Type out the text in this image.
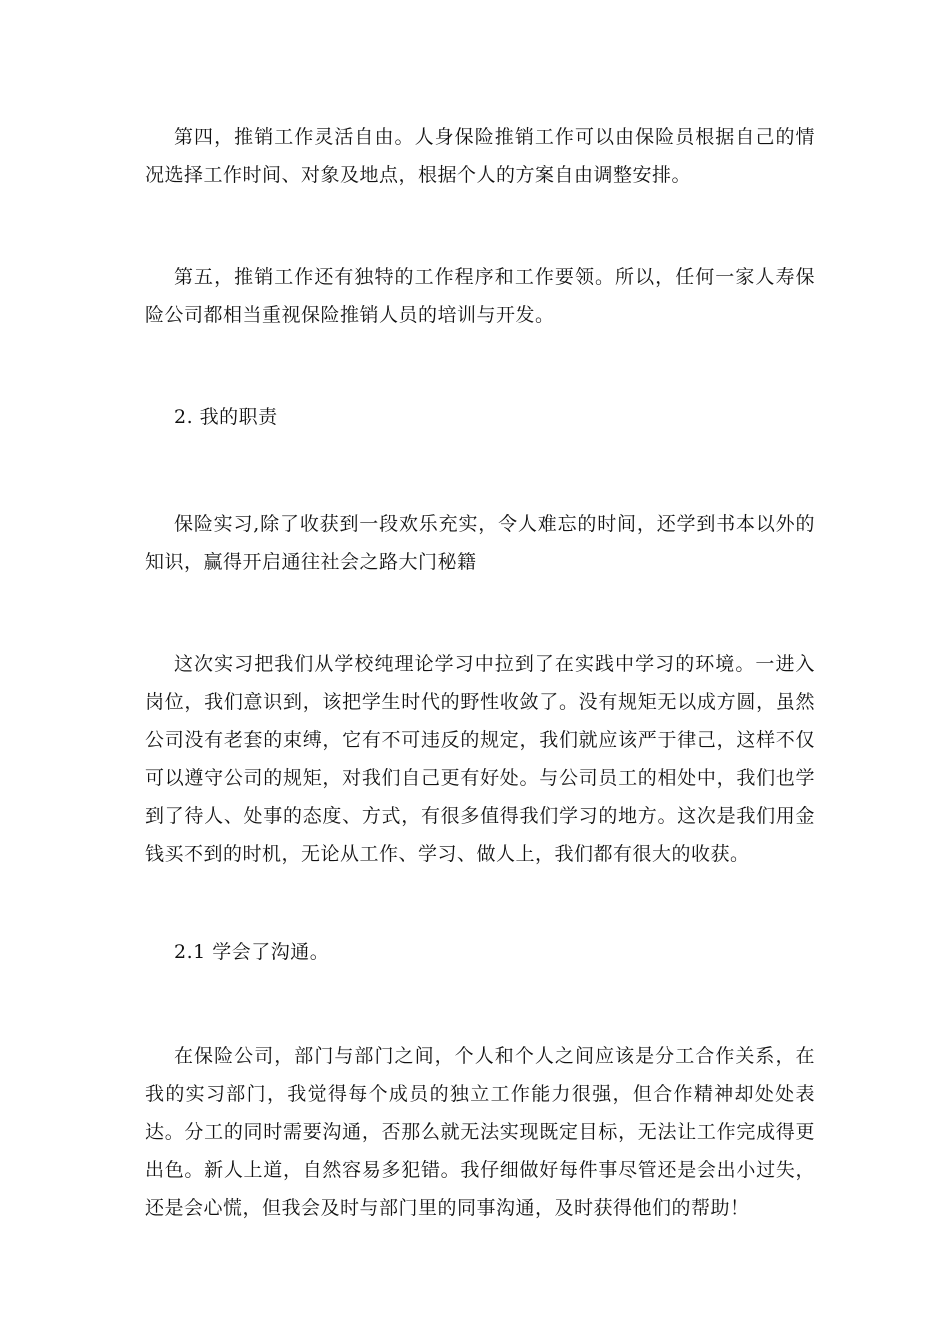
第四，推销工作灵活自由。人身保险推销工作可以由保险员根据自己的情况选择工作时间、对象及地点，根据个人的方案自由调整安排。

第五，推销工作还有独特的工作程序和工作要领。所以，任何一家人寿保险公司都相当重视保险推销人员的培训与开发。

2. 我的职责

保险实习,除了收获到一段欢乐充实，令人难忘的时间，还学到书本以外的知识，赢得开启通往社会之路大门秘籍

这次实习把我们从学校纯理论学习中拉到了在实践中学习的环境。一进入岗位，我们意识到，该把学生时代的野性收敛了。没有规矩无以成方圆，虽然公司没有老套的束缚，它有不可违反的规定，我们就应该严于律己，这样不仅可以遵守公司的规矩，对我们自己更有好处。与公司员工的相处中，我们也学到了待人、处事的态度、方式，有很多值得我们学习的地方。这次是我们用金钱买不到的时机，无论从工作、学习、做人上，我们都有很大的收获。

2.1 学会了沟通。

在保险公司，部门与部门之间，个人和个人之间应该是分工合作关系，在我的实习部门，我觉得每个成员的独立工作能力很强，但合作精神却处处表达。分工的同时需要沟通，否那么就无法实现既定目标，无法让工作完成得更出色。新人上道，自然容易多犯错。我仔细做好每件事尽管还是会出小过失，还是会心慌，但我会及时与部门里的同事沟通，及时获得他们的帮助！
